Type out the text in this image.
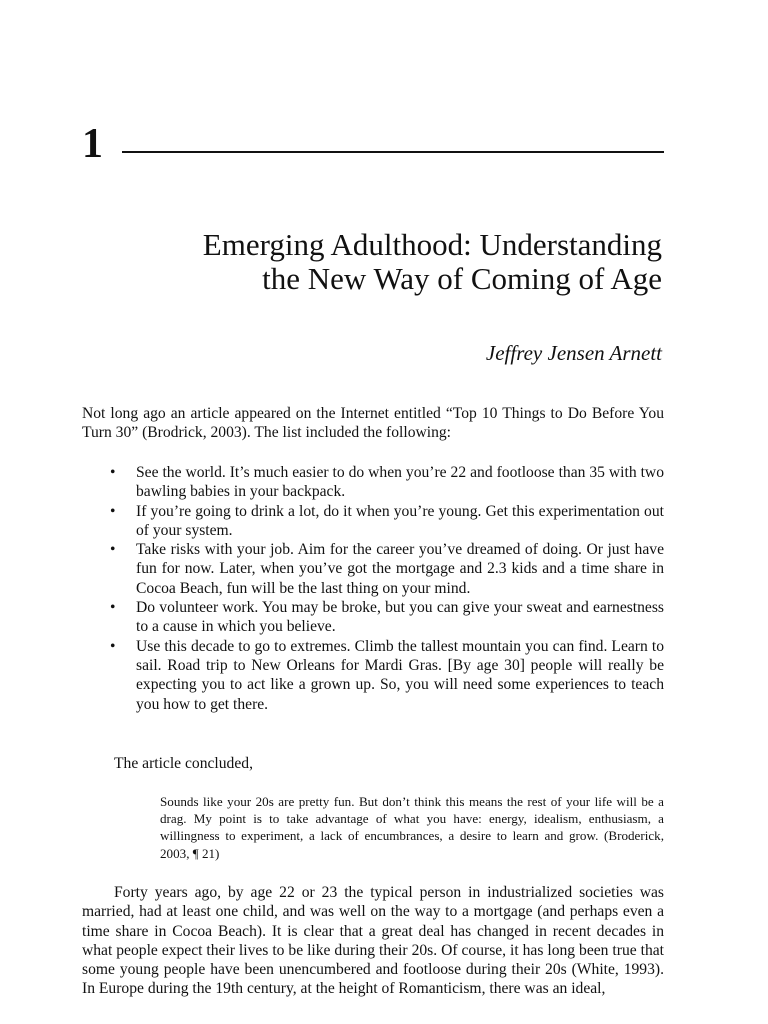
1
Emerging Adulthood: Understanding
the New Way of Coming of Age
Jeffrey Jensen Arnett

Not long ago an article appeared on the Internet entitled “Top 10 Things to Do Before You Turn 30” (Brodrick, 2003). The list included the following:

• See the world. It’s much easier to do when you’re 22 and footloose than 35 with two bawling babies in your backpack.
• If you’re going to drink a lot, do it when you’re young. Get this experimentation out of your system.
• Take risks with your job. Aim for the career you’ve dreamed of doing. Or just have fun for now. Later, when you’ve got the mortgage and 2.3 kids and a time share in Cocoa Beach, fun will be the last thing on your mind.
• Do volunteer work. You may be broke, but you can give your sweat and earnestness to a cause in which you believe.
• Use this decade to go to extremes. Climb the tallest mountain you can find. Learn to sail. Road trip to New Orleans for Mardi Gras. [By age 30] people will really be expecting you to act like a grown up. So, you will need some experiences to teach you how to get there.

The article concluded,

Sounds like your 20s are pretty fun. But don’t think this means the rest of your life will be a drag. My point is to take advantage of what you have: energy, idealism, enthusiasm, a willingness to experiment, a lack of encumbrances, a desire to learn and grow. (Broderick, 2003, ¶ 21)

Forty years ago, by age 22 or 23 the typical person in industrialized societies was married, had at least one child, and was well on the way to a mortgage (and perhaps even a time share in Cocoa Beach). It is clear that a great deal has changed in recent decades in what people expect their lives to be like during their 20s. Of course, it has long been true that some young people have been unencumbered and footloose during their 20s (White, 1993). In Europe during the 19th century, at the height of Romanticism, there was an ideal,
